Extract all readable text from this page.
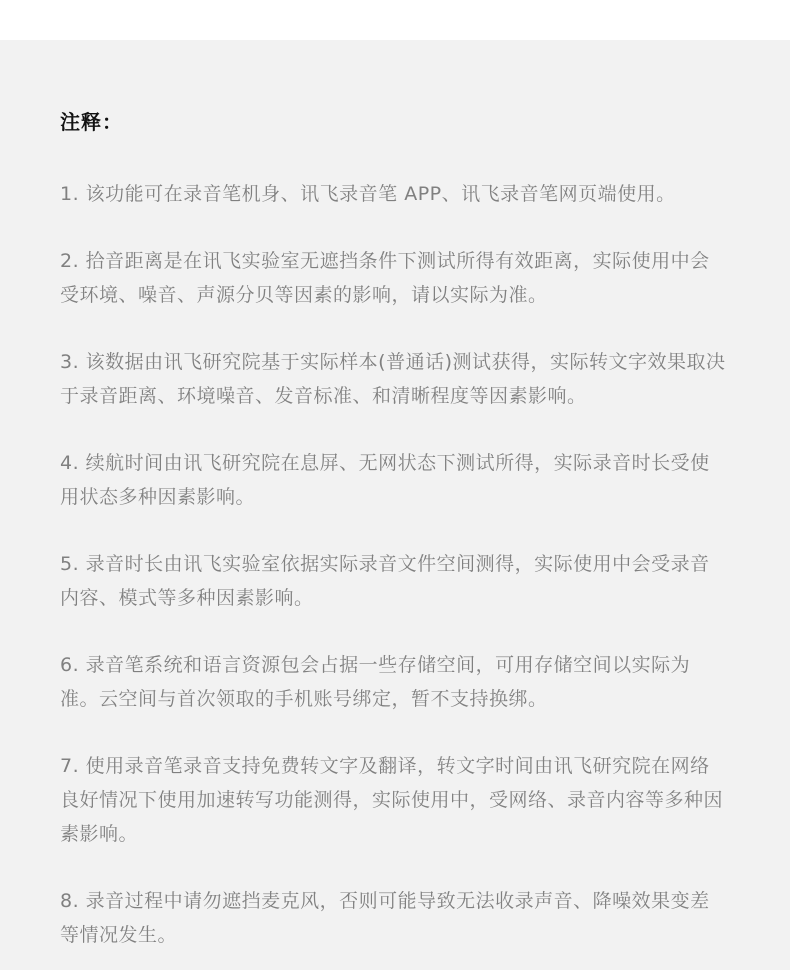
注释：

1. 该功能可在录音笔机身、讯飞录音笔 APP、讯飞录音笔网页端使用。

2. 拾音距离是在讯飞实验室无遮挡条件下测试所得有效距离，实际使用中会受环境、噪音、声源分贝等因素的影响，请以实际为准。

3. 该数据由讯飞研究院基于实际样本(普通话)测试获得，实际转文字效果取决于录音距离、环境噪音、发音标准、和清晰程度等因素影响。

4. 续航时间由讯飞研究院在息屏、无网状态下测试所得，实际录音时长受使用状态多种因素影响。

5. 录音时长由讯飞实验室依据实际录音文件空间测得，实际使用中会受录音内容、模式等多种因素影响。

6. 录音笔系统和语言资源包会占据一些存储空间，可用存储空间以实际为准。云空间与首次领取的手机账号绑定，暂不支持换绑。

7. 使用录音笔录音支持免费转文字及翻译，转文字时间由讯飞研究院在网络良好情况下使用加速转写功能测得，实际使用中，受网络、录音内容等多种因素影响。

8. 录音过程中请勿遮挡麦克风，否则可能导致无法收录声音、降噪效果变差等情况发生。
